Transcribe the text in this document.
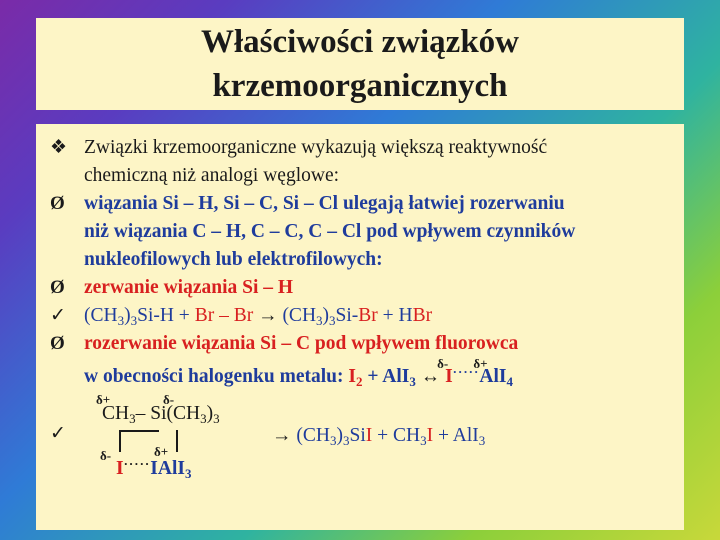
Właściwości związków
krzemoorganicznych
❖ Związki krzemoorganiczne wykazują większą reaktywność
chemiczną niż analogi węglowe:
Ø wiązania Si – H, Si – C, Si – Cl ulegają łatwiej rozerwaniu
niż wiązania C – H, C – C, C – Cl pod wpływem czynników
nukleofilowych lub elektrofilowych:
Ø zerwanie wiązania Si – H
✓ $(CH_3)_3Si-H + Br - Br \to (CH_3)_3Si-Br$ + HBr
Ø rozerwanie wiązania Si – C pod wpływem fluorowca
w obecności halogenku metalu: $I_2 + AlI_3$ ↔
δ-
I·····
δ+
AlI$_4$
✓
δ+	δ-
$CH_3-$ $Si(CH_3)_3$
δ-	δ+
I·····IAlI$_3$
→ $(CH_3)_3SiI + CH_3I + AlI_3$
